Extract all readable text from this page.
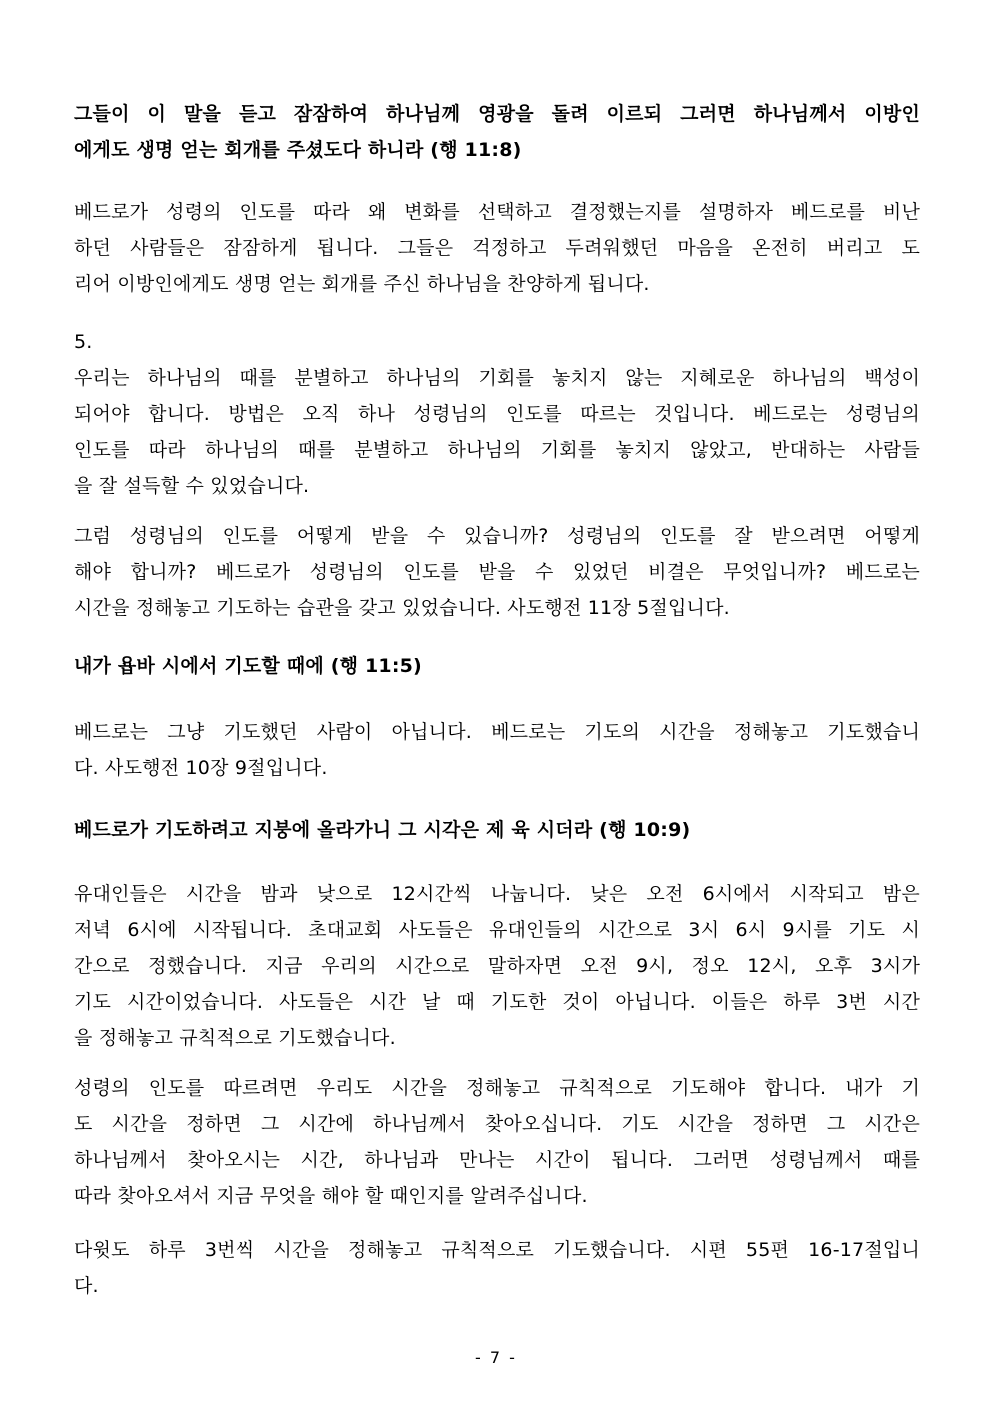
그들이 이 말을 듣고 잠잠하여 하나님께 영광을 돌려 이르되 그러면 하나님께서 이방인
에게도 생명 얻는 회개를 주셨도다 하니라 (행 11:8)
베드로가 성령의 인도를 따라 왜 변화를 선택하고 결정했는지를 설명하자 베드로를 비난
하던 사람들은 잠잠하게 됩니다. 그들은 걱정하고 두려워했던 마음을 온전히 버리고 도
리어 이방인에게도 생명 얻는 회개를 주신 하나님을 찬양하게 됩니다.
5.
우리는 하나님의 때를 분별하고 하나님의 기회를 놓치지 않는 지혜로운 하나님의 백성이
되어야 합니다. 방법은 오직 하나 성령님의 인도를 따르는 것입니다. 베드로는 성령님의
인도를 따라 하나님의 때를 분별하고 하나님의 기회를 놓치지 않았고, 반대하는 사람들
을 잘 설득할 수 있었습니다.
그럼 성령님의 인도를 어떻게 받을 수 있습니까? 성령님의 인도를 잘 받으려면 어떻게
해야 합니까? 베드로가 성령님의 인도를 받을 수 있었던 비결은 무엇입니까? 베드로는
시간을 정해놓고 기도하는 습관을 갖고 있었습니다. 사도행전 11장 5절입니다.
내가 욥바 시에서 기도할 때에 (행 11:5)
베드로는 그냥 기도했던 사람이 아닙니다. 베드로는 기도의 시간을 정해놓고 기도했습니
다. 사도행전 10장 9절입니다.
베드로가 기도하려고 지붕에 올라가니 그 시각은 제 육 시더라 (행 10:9)
유대인들은 시간을 밤과 낮으로 12시간씩 나눕니다. 낮은 오전 6시에서 시작되고 밤은
저녁 6시에 시작됩니다. 초대교회 사도들은 유대인들의 시간으로 3시 6시 9시를 기도 시
간으로 정했습니다. 지금 우리의 시간으로 말하자면 오전 9시, 정오 12시, 오후 3시가
기도 시간이었습니다. 사도들은 시간 날 때 기도한 것이 아닙니다. 이들은 하루 3번 시간
을 정해놓고 규칙적으로 기도했습니다.
성령의 인도를 따르려면 우리도 시간을 정해놓고 규칙적으로 기도해야 합니다. 내가 기
도 시간을 정하면 그 시간에 하나님께서 찾아오십니다. 기도 시간을 정하면 그 시간은
하나님께서 찾아오시는 시간, 하나님과 만나는 시간이 됩니다. 그러면 성령님께서 때를
따라 찾아오셔서 지금 무엇을 해야 할 때인지를 알려주십니다.
다윗도 하루 3번씩 시간을 정해놓고 규칙적으로 기도했습니다. 시편 55편 16-17절입니
다.
- 7 -
